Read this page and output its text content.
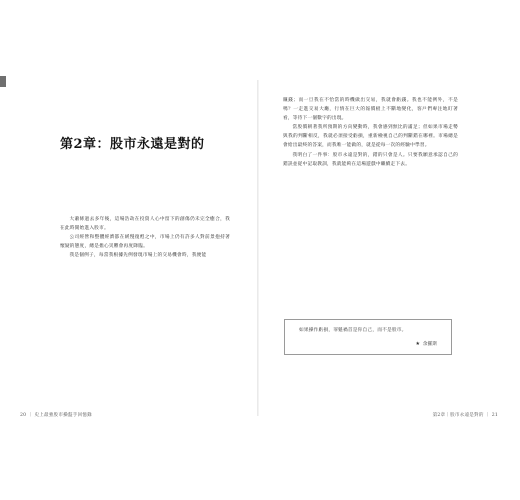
第2章：股市永遠是對的

大蕭條過去多年後，這場浩劫在投資人心中留下的創傷仍未完全癒合，我在此時開始進入股市。

公司經營和整體經濟都在緩慢復甦之中，市場上仍有許多人對前景抱持著懷疑的態度，總是擔心災難會再度降臨。

我是個例子，每當我根據先例發現市場上的交易機會時，我便能

賺錢；而一旦我在不恰當的時機做出交易，我就會虧錢。我也不能例外，不是嗎？一走進交易大廳，行情在巨大的報價板上不斷地變化，客戶們專注地盯著看，等待下一個數字的出現。

當股價朝著我所預期的方向變動時，我會感到無比的滿足；但如果市場走勢與我的判斷相反，我就必須接受虧損，重新檢視自己的判斷錯在哪裡。市場總是會給出最終的答案，而我唯一能做的，就是從每一次的經驗中學習。

我明白了一件事：股市永遠是對的，錯的只會是人。只要我願意承認自己的錯誤並從中記取教訓，我就能夠在這場遊戲中繼續走下去。

如果操作虧損，罪魁禍首是你自己，而不是股市。
★ 余羅斯
20 ｜ 史上最強股市操盤手回憶錄	第2章｜股市永遠是對的 ｜ 21
